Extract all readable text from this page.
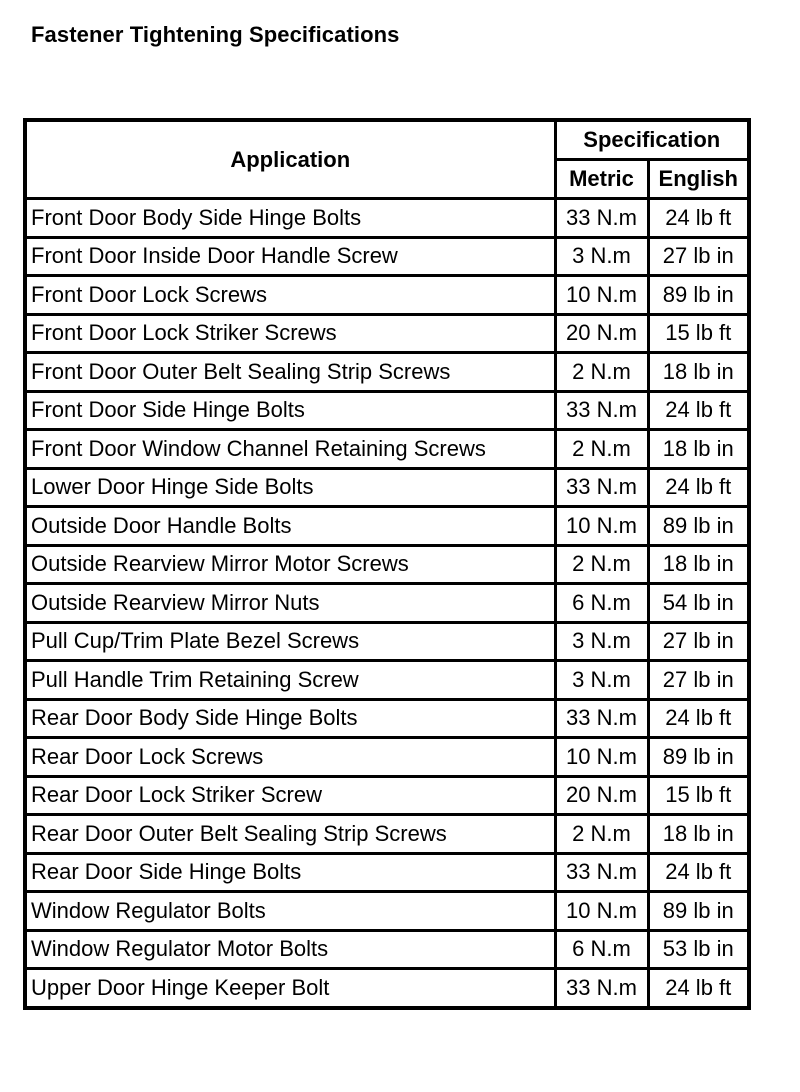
Fastener Tightening Specifications
Application	Specification	
	Metric	English
Front Door Body Side Hinge Bolts	33 N.m	24 lb ft
Front Door Inside Door Handle Screw	3 N.m	27 lb in
Front Door Lock Screws	10 N.m	89 lb in
Front Door Lock Striker Screws	20 N.m	15 lb ft
Front Door Outer Belt Sealing Strip Screws	2 N.m	18 lb in
Front Door Side Hinge Bolts	33 N.m	24 lb ft
Front Door Window Channel Retaining Screws	2 N.m	18 lb in
Lower Door Hinge Side Bolts	33 N.m	24 lb ft
Outside Door Handle Bolts	10 N.m	89 lb in
Outside Rearview Mirror Motor Screws	2 N.m	18 lb in
Outside Rearview Mirror Nuts	6 N.m	54 lb in
Pull Cup/Trim Plate Bezel Screws	3 N.m	27 lb in
Pull Handle Trim Retaining Screw	3 N.m	27 lb in
Rear Door Body Side Hinge Bolts	33 N.m	24 lb ft
Rear Door Lock Screws	10 N.m	89 lb in
Rear Door Lock Striker Screw	20 N.m	15 lb ft
Rear Door Outer Belt Sealing Strip Screws	2 N.m	18 lb in
Rear Door Side Hinge Bolts	33 N.m	24 lb ft
Window Regulator Bolts	10 N.m	89 lb in
Window Regulator Motor Bolts	6 N.m	53 lb in
Upper Door Hinge Keeper Bolt	33 N.m	24 lb ft
